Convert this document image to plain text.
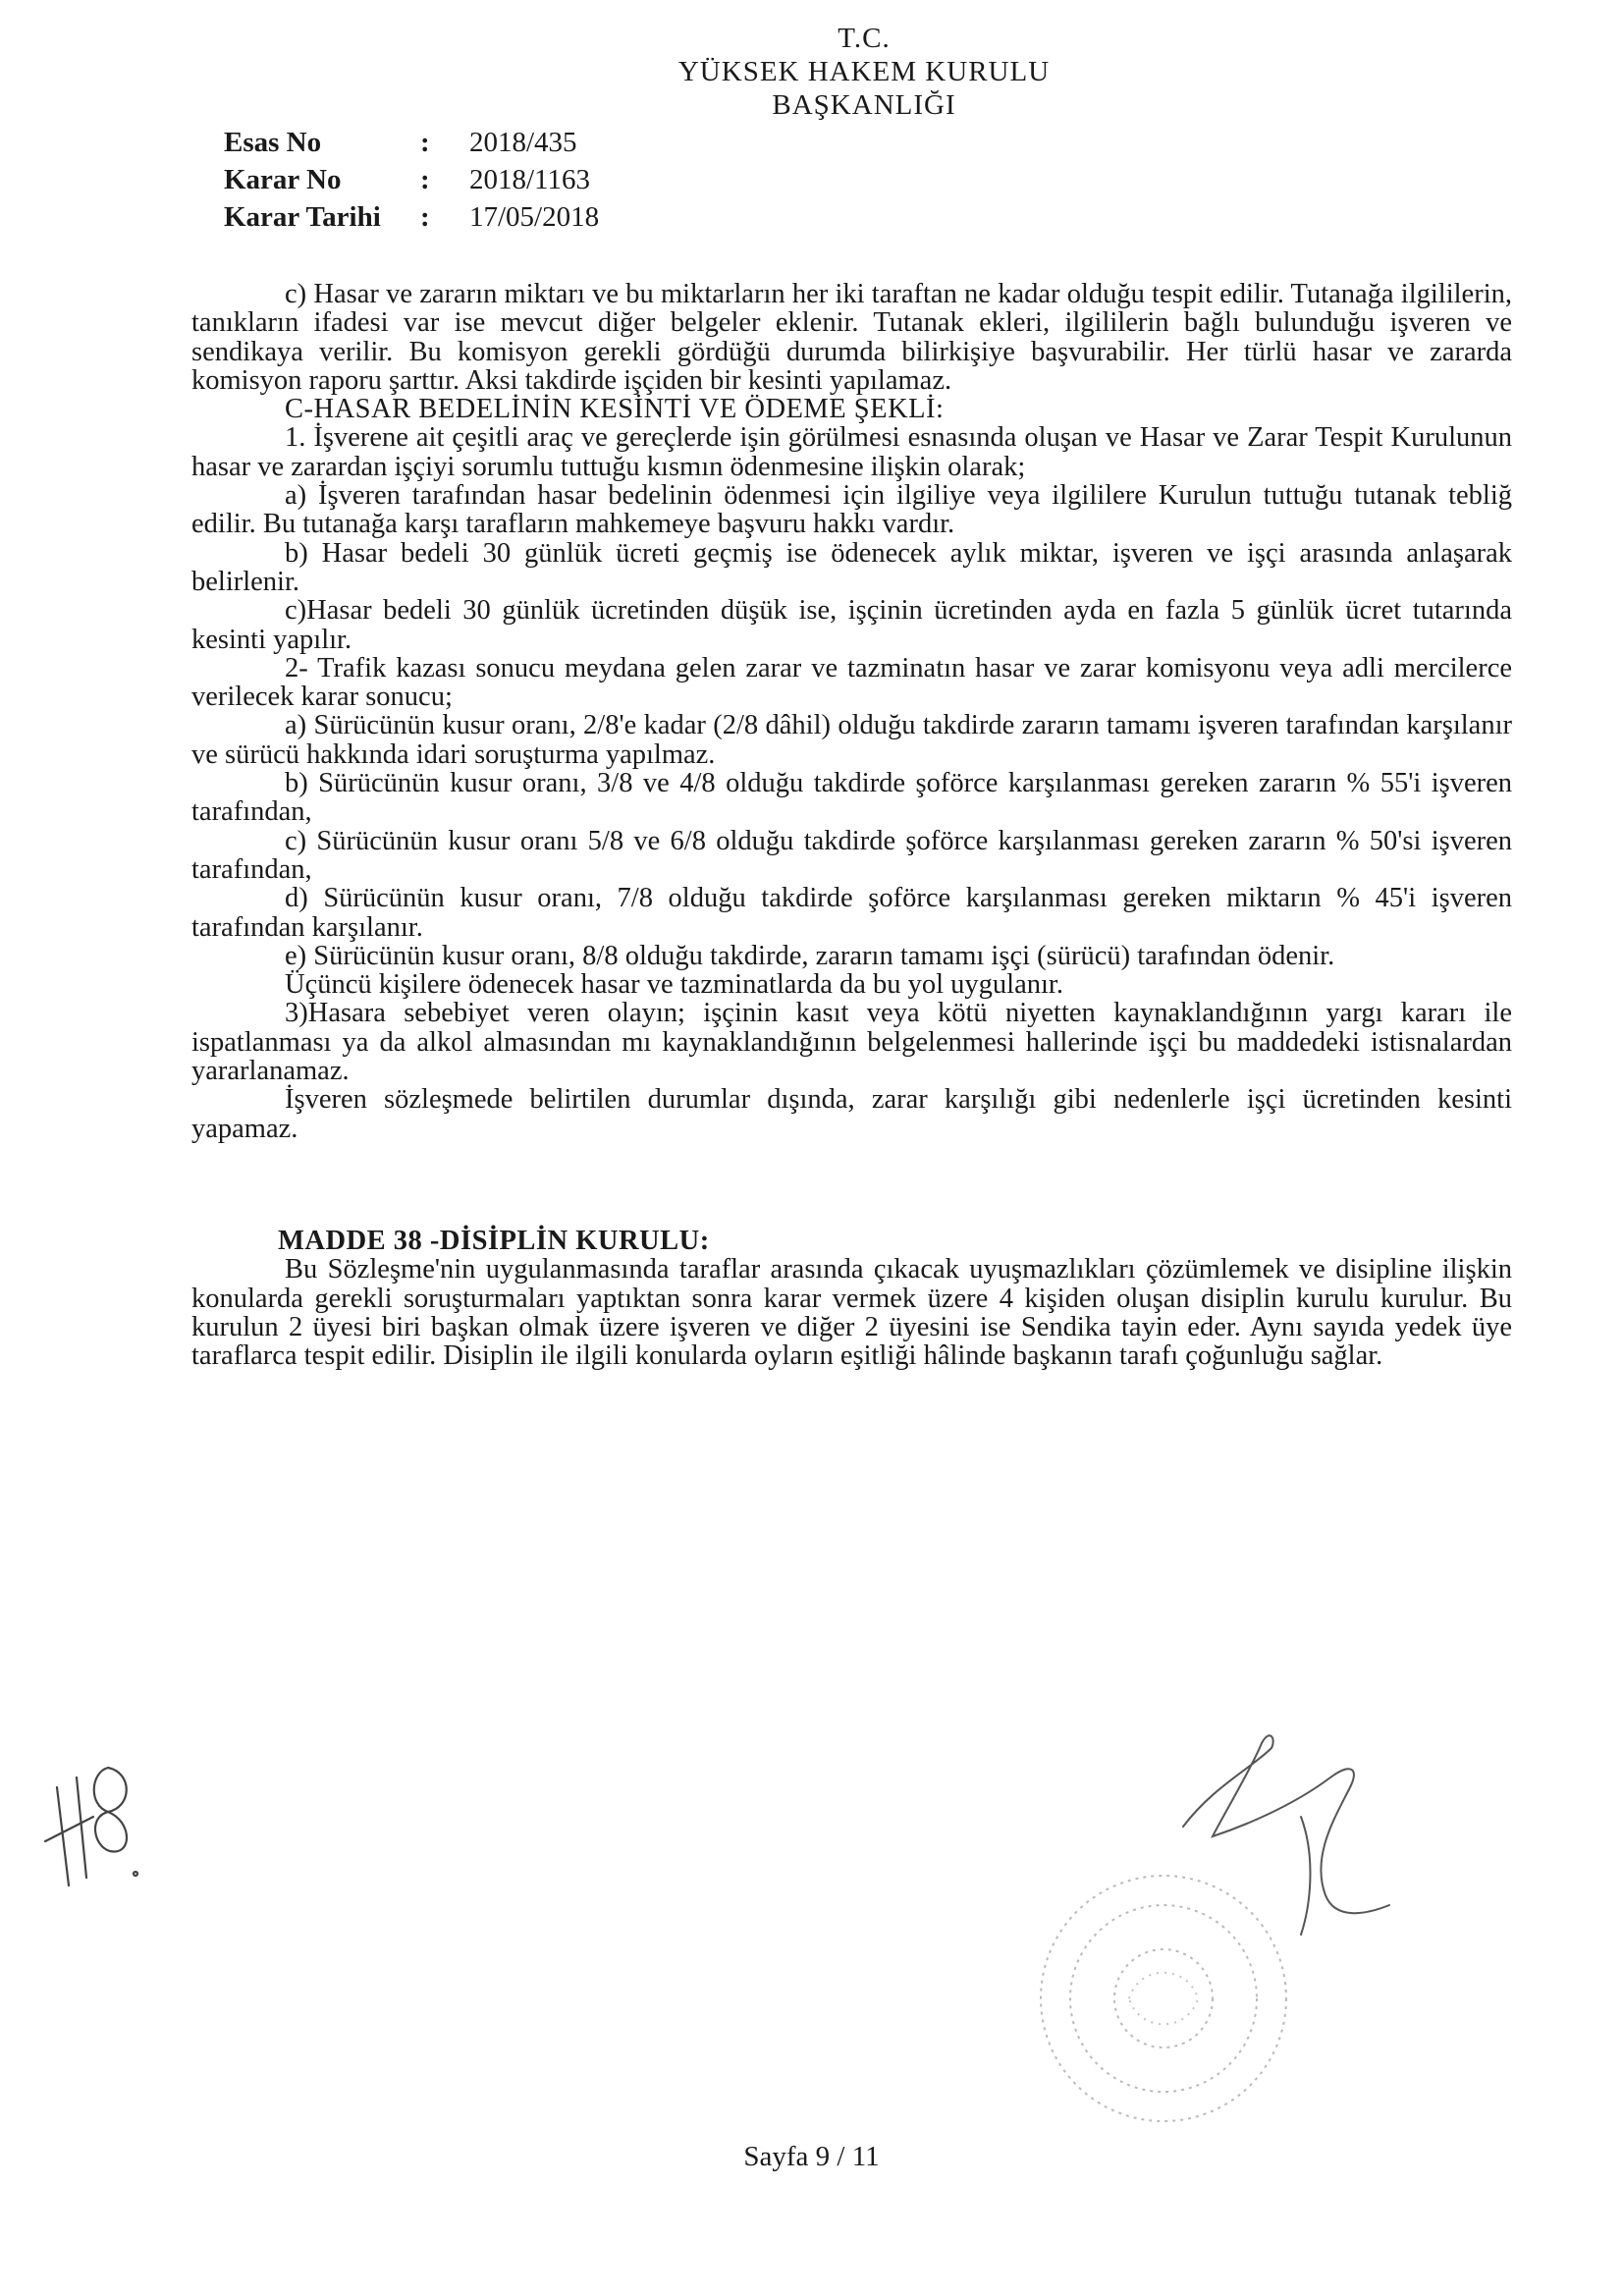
T.C.
YÜKSEK HAKEM KURULU
BAŞKANLIĞI
Esas No	:	2018/435
Karar No	:	2018/1163
Karar Tarihi	:	17/05/2018

c) Hasar ve zararın miktarı ve bu miktarların her iki taraftan ne kadar olduğu tespit edilir. Tutanağa ilgililerin, tanıkların ifadesi var ise mevcut diğer belgeler eklenir. Tutanak ekleri, ilgililerin bağlı bulunduğu işveren ve sendikaya verilir. Bu komisyon gerekli gördüğü durumda bilirkişiye başvurabilir. Her türlü hasar ve zararda komisyon raporu şarttır. Aksi takdirde işçiden bir kesinti yapılamaz.

C-HASAR BEDELİNİN KESİNTİ VE ÖDEME ŞEKLİ:

1. İşverene ait çeşitli araç ve gereçlerde işin görülmesi esnasında oluşan ve Hasar ve Zarar Tespit Kurulunun hasar ve zarardan işçiyi sorumlu tuttuğu kısmın ödenmesine ilişkin olarak;

a) İşveren tarafından hasar bedelinin ödenmesi için ilgiliye veya ilgililere Kurulun tuttuğu tutanak tebliğ edilir. Bu tutanağa karşı tarafların mahkemeye başvuru hakkı vardır.

b) Hasar bedeli 30 günlük ücreti geçmiş ise ödenecek aylık miktar, işveren ve işçi arasında anlaşarak belirlenir.

c)Hasar bedeli 30 günlük ücretinden düşük ise, işçinin ücretinden ayda en fazla 5 günlük ücret tutarında kesinti yapılır.

2- Trafik kazası sonucu meydana gelen zarar ve tazminatın hasar ve zarar komisyonu veya adli mercilerce verilecek karar sonucu;

a) Sürücünün kusur oranı, 2/8'e kadar (2/8 dâhil) olduğu takdirde zararın tamamı işveren tarafından karşılanır ve sürücü hakkında idari soruşturma yapılmaz.

b) Sürücünün kusur oranı, 3/8 ve 4/8 olduğu takdirde şoförce karşılanması gereken zararın % 55'i işveren tarafından,

c) Sürücünün kusur oranı 5/8 ve 6/8 olduğu takdirde şoförce karşılanması gereken zararın % 50'si işveren tarafından,

d) Sürücünün kusur oranı, 7/8 olduğu takdirde şoförce karşılanması gereken miktarın % 45'i işveren tarafından karşılanır.

e) Sürücünün kusur oranı, 8/8 olduğu takdirde, zararın tamamı işçi (sürücü) tarafından ödenir.

Üçüncü kişilere ödenecek hasar ve tazminatlarda da bu yol uygulanır.

3)Hasara sebebiyet veren olayın; işçinin kasıt veya kötü niyetten kaynaklandığının yargı kararı ile ispatlanması ya da alkol almasından mı kaynaklandığının belgelenmesi hallerinde işçi bu maddedeki istisnalardan yararlanamaz.

İşveren sözleşmede belirtilen durumlar dışında, zarar karşılığı gibi nedenlerle işçi ücretinden kesinti yapamaz.

MADDE 38 -DİSİPLİN KURULU:

Bu Sözleşme'nin uygulanmasında taraflar arasında çıkacak uyuşmazlıkları çözümlemek ve disipline ilişkin konularda gerekli soruşturmaları yaptıktan sonra karar vermek üzere 4 kişiden oluşan disiplin kurulu kurulur. Bu kurulun 2 üyesi biri başkan olmak üzere işveren ve diğer 2 üyesini ise Sendika tayin eder. Aynı sayıda yedek üye taraflarca tespit edilir. Disiplin ile ilgili konularda oyların eşitliği hâlinde başkanın tarafı çoğunluğu sağlar.

Sayfa 9 / 11
